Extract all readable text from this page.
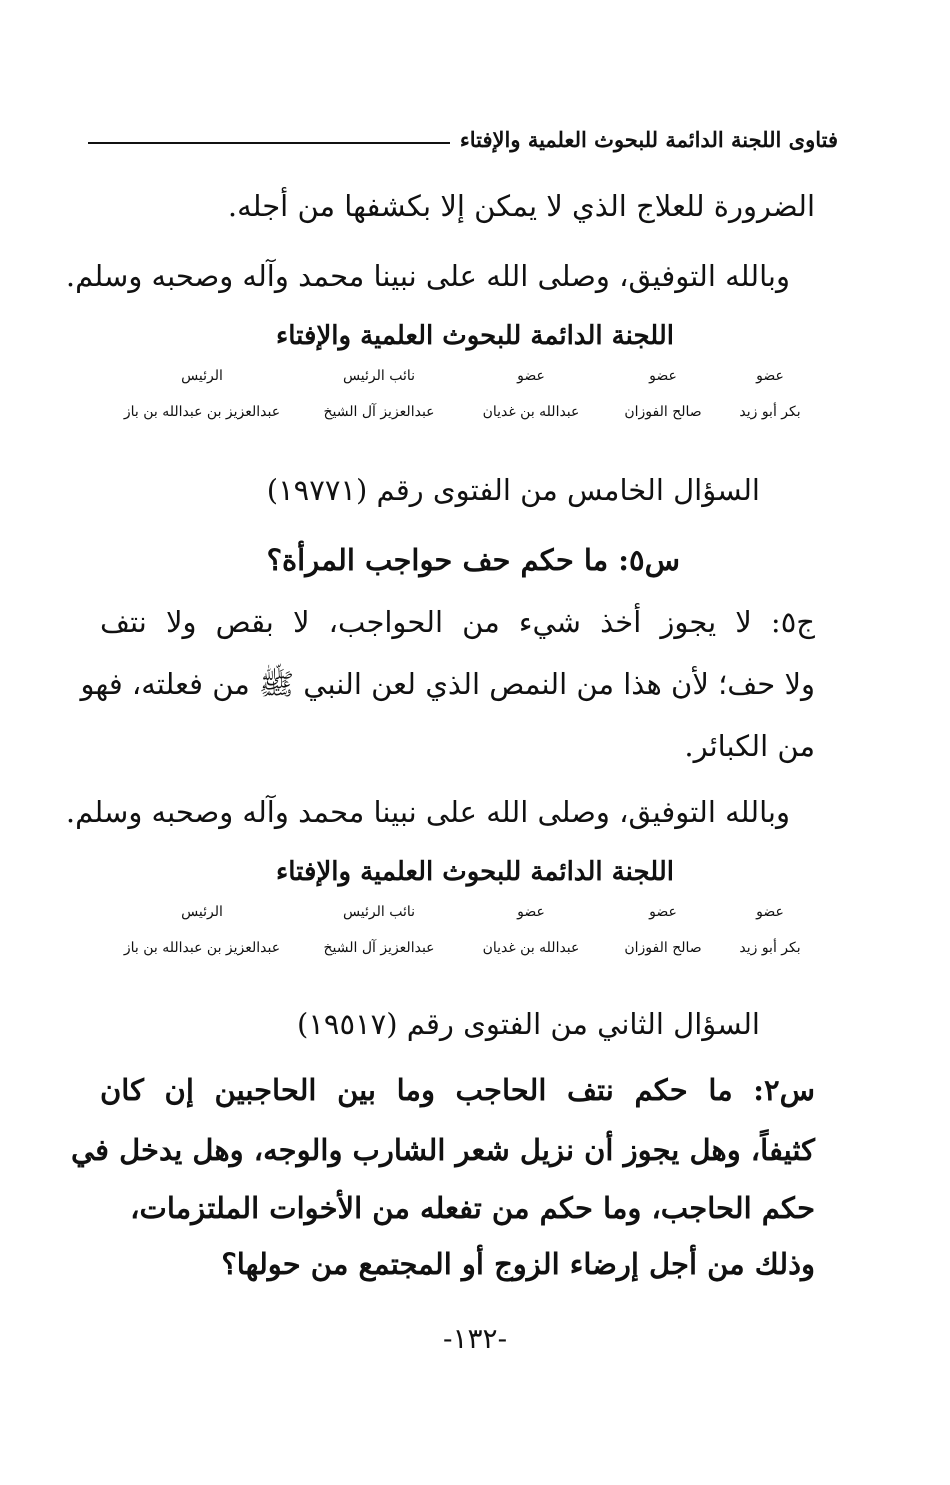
فتاوى اللجنة الدائمة للبحوث العلمية والإفتاء
الضرورة للعلاج الذي لا يمكن إلا بكشفها من أجله.
وبالله التوفيق، وصلى الله على نبينا محمد وآله وصحبه وسلم.
اللجنة الدائمة للبحوث العلمية والإفتاء
عضو
عضو
عضو
نائب الرئيس
الرئيس
بكر أبو زيد
صالح الفوزان
عبدالله بن غديان
عبدالعزيز آل الشيخ
عبدالعزيز بن عبدالله بن باز
السؤال الخامس من الفتوى رقم (١٩٧٧١)
س٥: ما حكم حف حواجب المرأة؟
ج٥: لا يجوز أخذ شيء من الحواجب، لا بقص ولا نتف
ولا حف؛ لأن هذا من النمص الذي لعن النبي ﷺ من فعلته، فهو
من الكبائر.
وبالله التوفيق، وصلى الله على نبينا محمد وآله وصحبه وسلم.
اللجنة الدائمة للبحوث العلمية والإفتاء
عضو
عضو
عضو
نائب الرئيس
الرئيس
بكر أبو زيد
صالح الفوزان
عبدالله بن غديان
عبدالعزيز آل الشيخ
عبدالعزيز بن عبدالله بن باز
السؤال الثاني من الفتوى رقم (١٩٥١٧)
س٢: ما حكم نتف الحاجب وما بين الحاجبين إن كان
كثيفاً، وهل يجوز أن نزيل شعر الشارب والوجه، وهل يدخل في
حكم الحاجب، وما حكم من تفعله من الأخوات الملتزمات،
وذلك من أجل إرضاء الزوج أو المجتمع من حولها؟
-١٣٢-
